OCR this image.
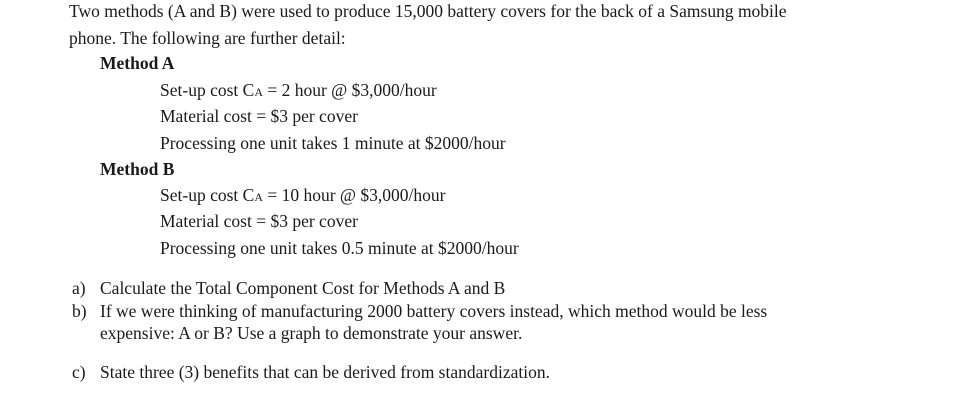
Two methods (A and B) were used to produce 15,000 battery covers for the back of a Samsung mobile
phone. The following are further detail:
Method A
Set-up cost CA = 2 hour @ $3,000/hour
Material cost = $3 per cover
Processing one unit takes 1 minute at $2000/hour
Method B
Set-up cost CA = 10 hour @ $3,000/hour
Material cost = $3 per cover
Processing one unit takes 0.5 minute at $2000/hour
a) Calculate the Total Component Cost for Methods A and B
b) If we were thinking of manufacturing 2000 battery covers instead, which method would be less
expensive: A or B? Use a graph to demonstrate your answer.
c) State three (3) benefits that can be derived from standardization.
